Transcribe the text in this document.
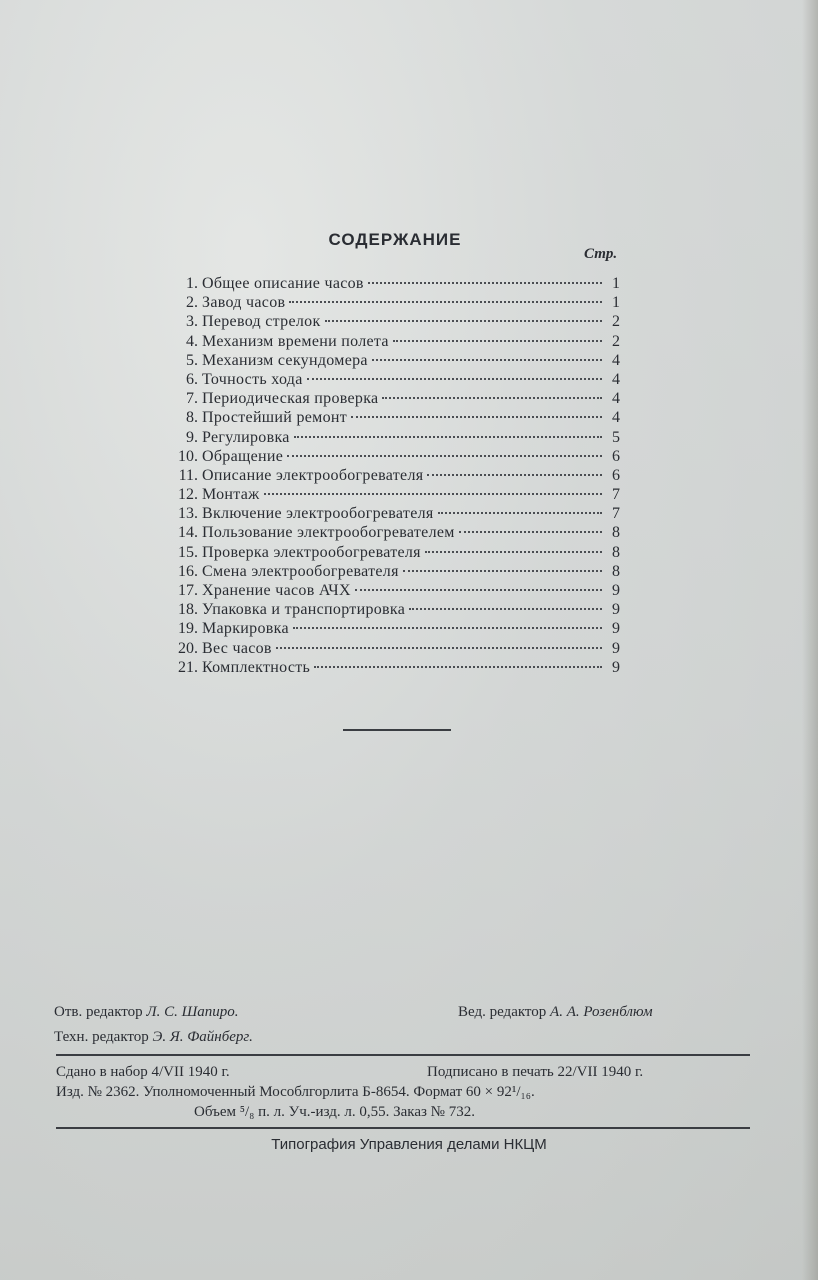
СОДЕРЖАНИЕ
Стр.
1. Общее описание часов	1
2. Завод часов	1
3. Перевод стрелок	2
4. Механизм времени полета	2
5. Механизм секундомера	4
6. Точность хода	4
7. Периодическая проверка	4
8. Простейший ремонт	4
9. Регулировка	5
10. Обращение	6
11. Описание электрообогревателя	6
12. Монтаж	7
13. Включение электрообогревателя	7
14. Пользование электрообогревателем	8
15. Проверка электрообогревателя	8
16. Смена электрообогревателя	8
17. Хранение часов АЧХ	9
18. Упаковка и транспортировка	9
19. Маркировка	9
20. Вес часов	9
21. Комплектность	9
Отв. редактор Л. С. Шапиро.	Вед. редактор А. А. Розенблюм
Техн. редактор Э. Я. Файнберг.
Сдано в набор 4/VII 1940 г.	Подписано в печать 22/VII 1940 г.
Изд. № 2362. Уполномоченный Мособлгорлита Б-8654. Формат 60 × 92¹/₁₆.
Объем ⁵/₈ п. л. Уч.-изд. л. 0,55. Заказ № 732.
Типография Управления делами НКЦМ
